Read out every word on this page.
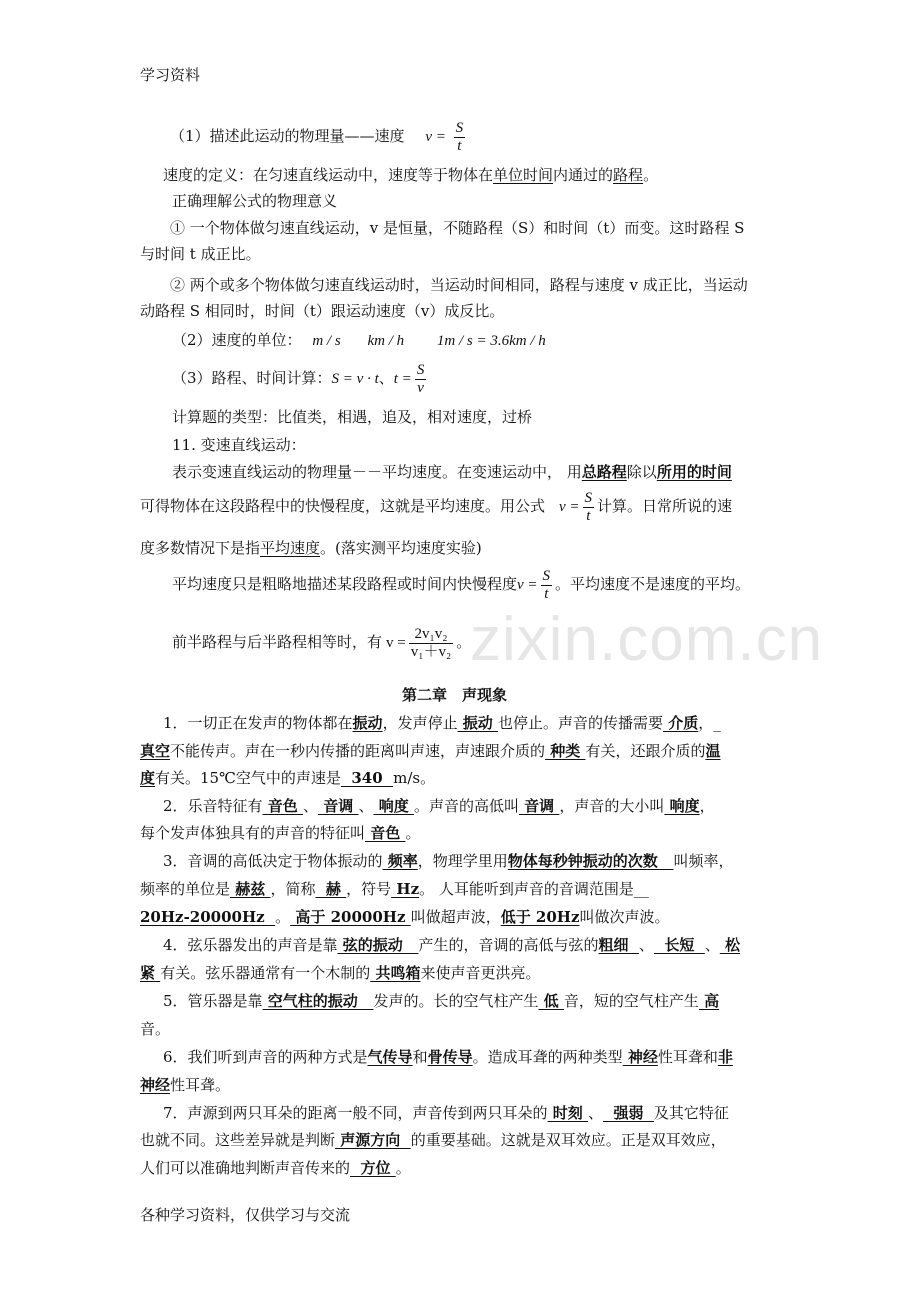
zixin.com.cn
学习资料
（1）描述此运动的物理量——速度 $v = \frac{S}{t}$
速度的定义：在匀速直线运动中，速度等于物体在单位时间内通过的路程。
正确理解公式的物理意义
① 一个物体做匀速直线运动，v 是恒量，不随路程（S）和时间（t）而变。这时路程 S
与时间 t 成正比。
② 两个或多个物体做匀速直线运动时，当运动时间相同，路程与速度 v 成正比，当运动
动路程 S 相同时，时间（t）跟运动速度（v）成反比。
（2）速度的单位： m / s km / h 1m / s = 3.6km / h
（3）路程、时间计算：S = v · t、$t = \frac{S}{v}$
计算题的类型：比值类，相遇，追及，相对速度，过桥
11. 变速直线运动：
表示变速直线运动的物理量－－平均速度。在变速运动中， 用总路程除以所用的时间
可得物体在这段路程中的快慢程度，这就是平均速度。用公式 $v = \frac{S}{t}$ 计算。日常所说的速
度多数情况下是指平均速度。(落实测平均速度实验)
平均速度只是粗略地描述某段路程或时间内快慢程度$v = \frac{S}{t}$ 。平均速度不是速度的平均。
前半路程与后半路程相等时，有 $v = \frac{\text{2v₁v₂}}{\text{v₁＋v₂}}$ 。
第二章　声现象
1．一切正在发声的物体都在振动，发声停止 振动 也停止。声音的传播需要 介质，_
真空不能传声。声在一秒内传播的距离叫声速，声速跟介质的 种类 有关，还跟介质的温
度有关。15℃空气中的声速是  340  m/s。
2．乐音特征有 音色 、 音调 、 响度 。声音的高低叫 音调 ，声音的大小叫 响度，
每个发声体独具有的声音的特征叫 音色 。
3．音调的高低决定于物体振动的 频率，物理学里用物体每秒钟振动的次数   叫频率，
频率的单位是 赫兹 ，简称  赫 ，符号 Hz。 人耳能听到声音的音调范围是__
20Hz-20000Hz  。 高于 20000Hz 叫做超声波，低于 20Hz叫做次声波。
4．弦乐器发出的声音是靠 弦的振动   产生的，音调的高低与弦的粗细  、  长短  、 松
紧 有关。弦乐器通常有一个木制的 共鸣箱来使声音更洪亮。
5．管乐器是靠 空气柱的振动   发声的。长的空气柱产生 低 音，短的空气柱产生 高
音。
6．我们听到声音的两种方式是气传导和骨传导。造成耳聋的两种类型 神经性耳聋和非
神经性耳聋。
7．声源到两只耳朵的距离一般不同，声音传到两只耳朵的 时刻 、  强弱  及其它特征
也就不同。这些差异就是判断 声源方向  的重要基础。这就是双耳效应。正是双耳效应，
人们可以准确地判断声音传来的  方位 。
各种学习资料，仅供学习与交流
